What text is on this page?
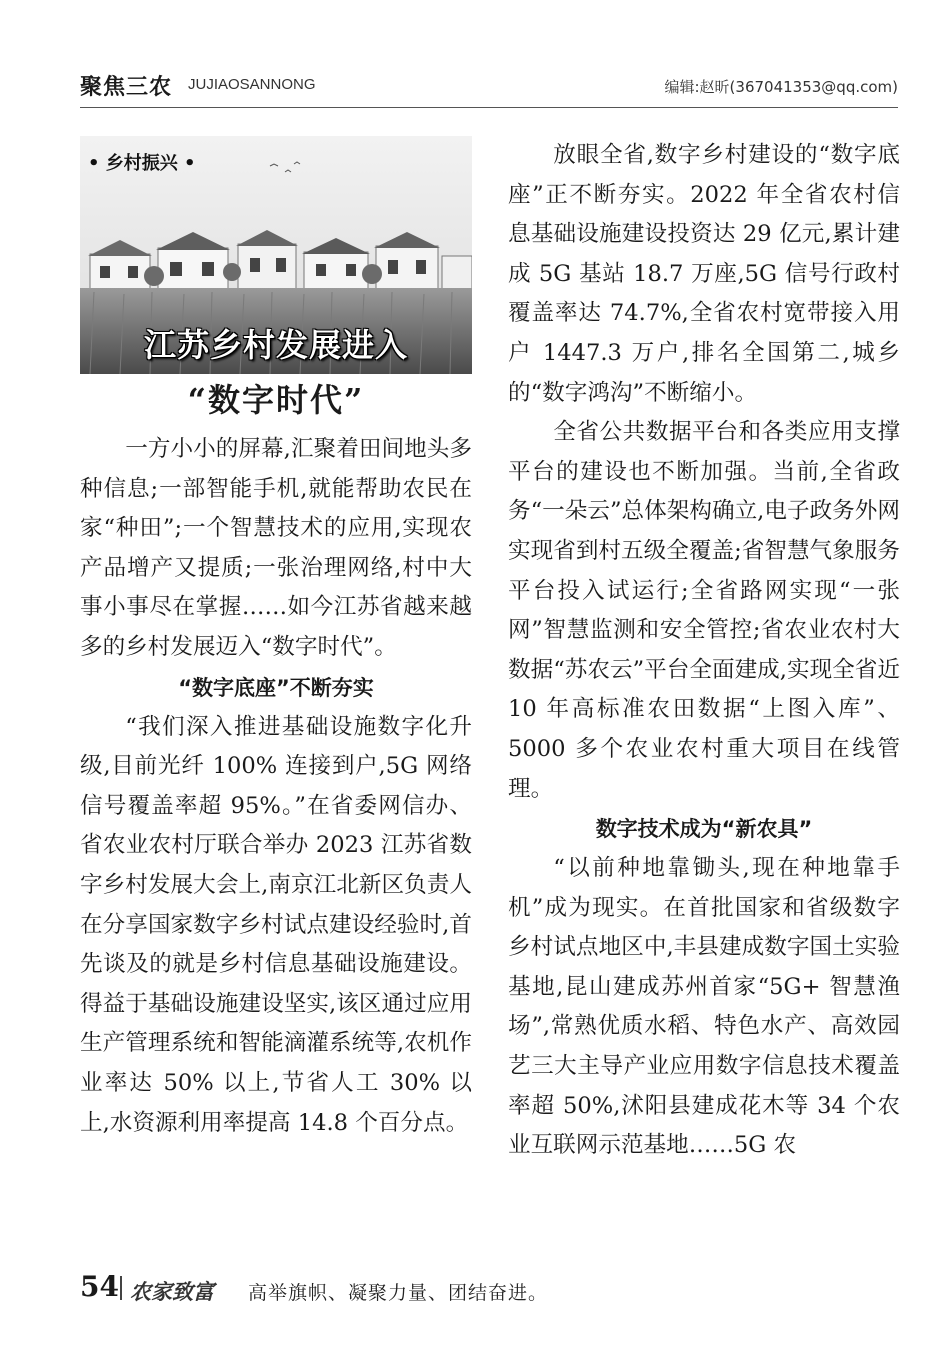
聚焦三农 JUJIAOSANNONG	编辑:赵昕(367041353@qq.com)
• 乡村振兴 •
江苏乡村发展进入
“数字时代”

一方小小的屏幕,汇聚着田间地头多种信息;一部智能手机,就能帮助农民在家“种田”;一个智慧技术的应用,实现农产品增产又提质;一张治理网络,村中大事小事尽在掌握……如今江苏省越来越多的乡村发展迈入“数字时代”。

“数字底座”不断夯实

“我们深入推进基础设施数字化升级,目前光纤 100% 连接到户,5G 网络信号覆盖率超 95%。”在省委网信办、省农业农村厅联合举办 2023 江苏省数字乡村发展大会上,南京江北新区负责人在分享国家数字乡村试点建设经验时,首先谈及的就是乡村信息基础设施建设。得益于基础设施建设坚实,该区通过应用生产管理系统和智能滴灌系统等,农机作业率达 50% 以上,节省人工 30% 以上,水资源利用率提高 14.8 个百分点。

放眼全省,数字乡村建设的“数字底座”正不断夯实。2022 年全省农村信息基础设施建设投资达 29 亿元,累计建成 5G 基站 18.7 万座,5G 信号行政村覆盖率达 74.7%,全省农村宽带接入用户 1447.3 万户,排名全国第二,城乡的“数字鸿沟”不断缩小。

全省公共数据平台和各类应用支撑平台的建设也不断加强。当前,全省政务“一朵云”总体架构确立,电子政务外网实现省到村五级全覆盖;省智慧气象服务平台投入试运行;全省路网实现“一张网”智慧监测和安全管控;省农业农村大数据“苏农云”平台全面建成,实现全省近 10 年高标准农田数据“上图入库”、5000 多个农业农村重大项目在线管理。

数字技术成为“新农具”

“以前种地靠锄头,现在种地靠手机”成为现实。在首批国家和省级数字乡村试点地区中,丰县建成数字国土实验基地,昆山建成苏州首家“5G+ 智慧渔场”,常熟优质水稻、特色水产、高效园艺三大主导产业应用数字信息技术覆盖率超 50%,沭阳县建成花木等 34 个农业互联网示范基地……5G 农

54 农家致富 高举旗帜、凝聚力量、团结奋进。
